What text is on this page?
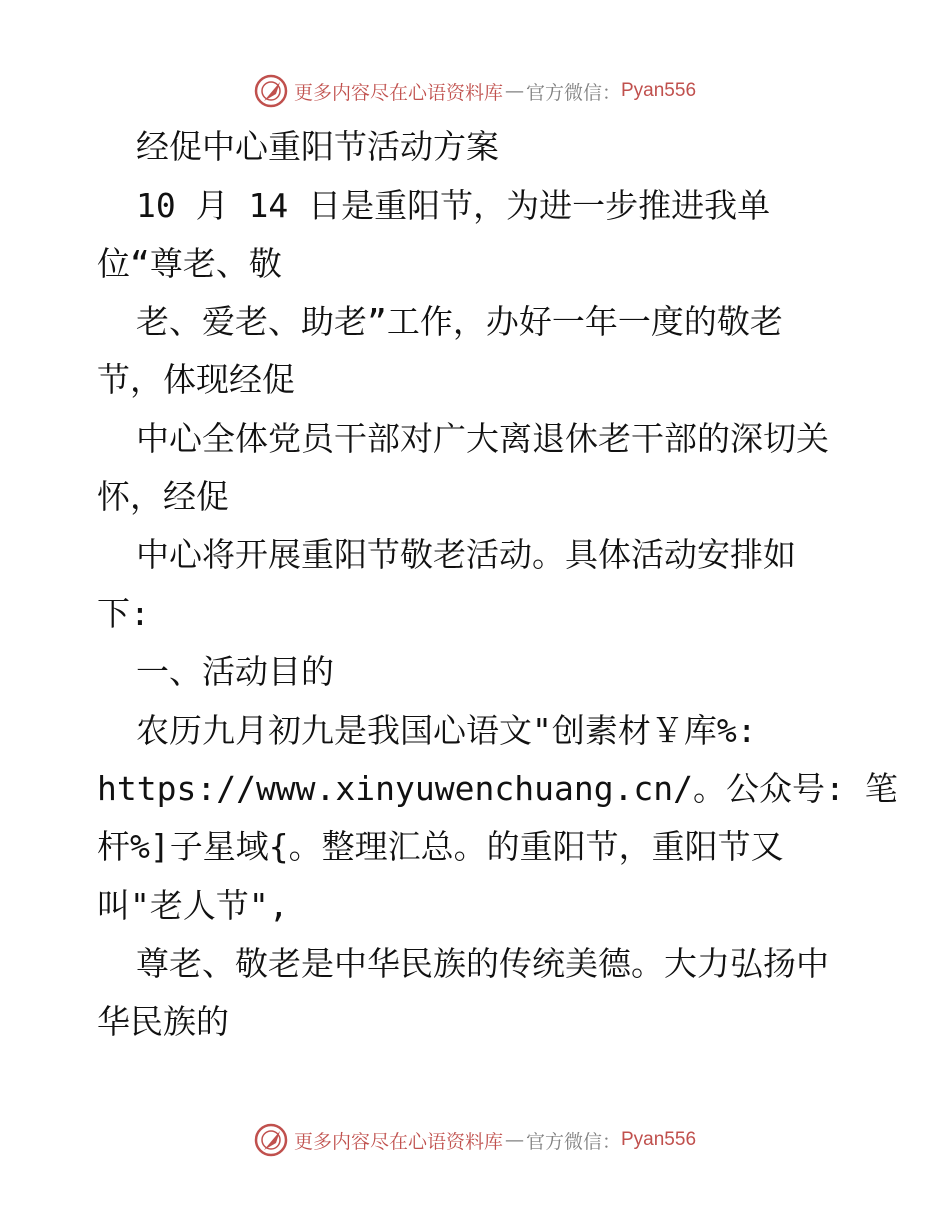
更多内容尽在心语资料库 — 官方微信： Pyan556
经促中心重阳节活动方案
10 月 14 日是重阳节，为进一步推进我单
位“尊老、敬
老、爱老、助老”工作，办好一年一度的敬老
节，体现经促
中心全体党员干部对广大离退休老干部的深切关
怀，经促
中心将开展重阳节敬老活动。具体活动安排如
下:
一、活动目的
农历九月初九是我国心语文"创素材￥库%:
https://www.xinyuwenchuang.cn/。公众号: 笔
杆%]子星域{。整理汇总。的重阳节，重阳节又
叫"老人节",
尊老、敬老是中华民族的传统美德。大力弘扬中
华民族的
更多内容尽在心语资料库 — 官方微信： Pyan556
